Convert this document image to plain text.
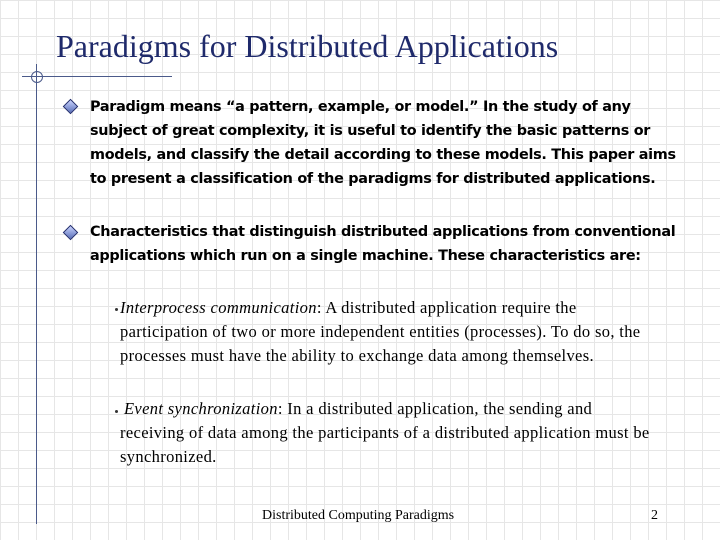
Paradigms for Distributed Applications
Paradigm means “a pattern, example, or model.” In the study of any subject of great complexity, it is useful to identify the basic patterns or models, and classify the detail according to these models. This paper aims to present a classification of the paradigms for distributed applications.
Characteristics that distinguish distributed applications from conventional applications which run on a single machine. These characteristics are:
Interprocess communication: A distributed application require the participation of two or more independent entities (processes). To do so, the processes must have the ability to exchange data among themselves.
Event synchronization: In a distributed application, the sending and receiving of data among the participants of a distributed application must be synchronized.
Distributed Computing Paradigms	2
